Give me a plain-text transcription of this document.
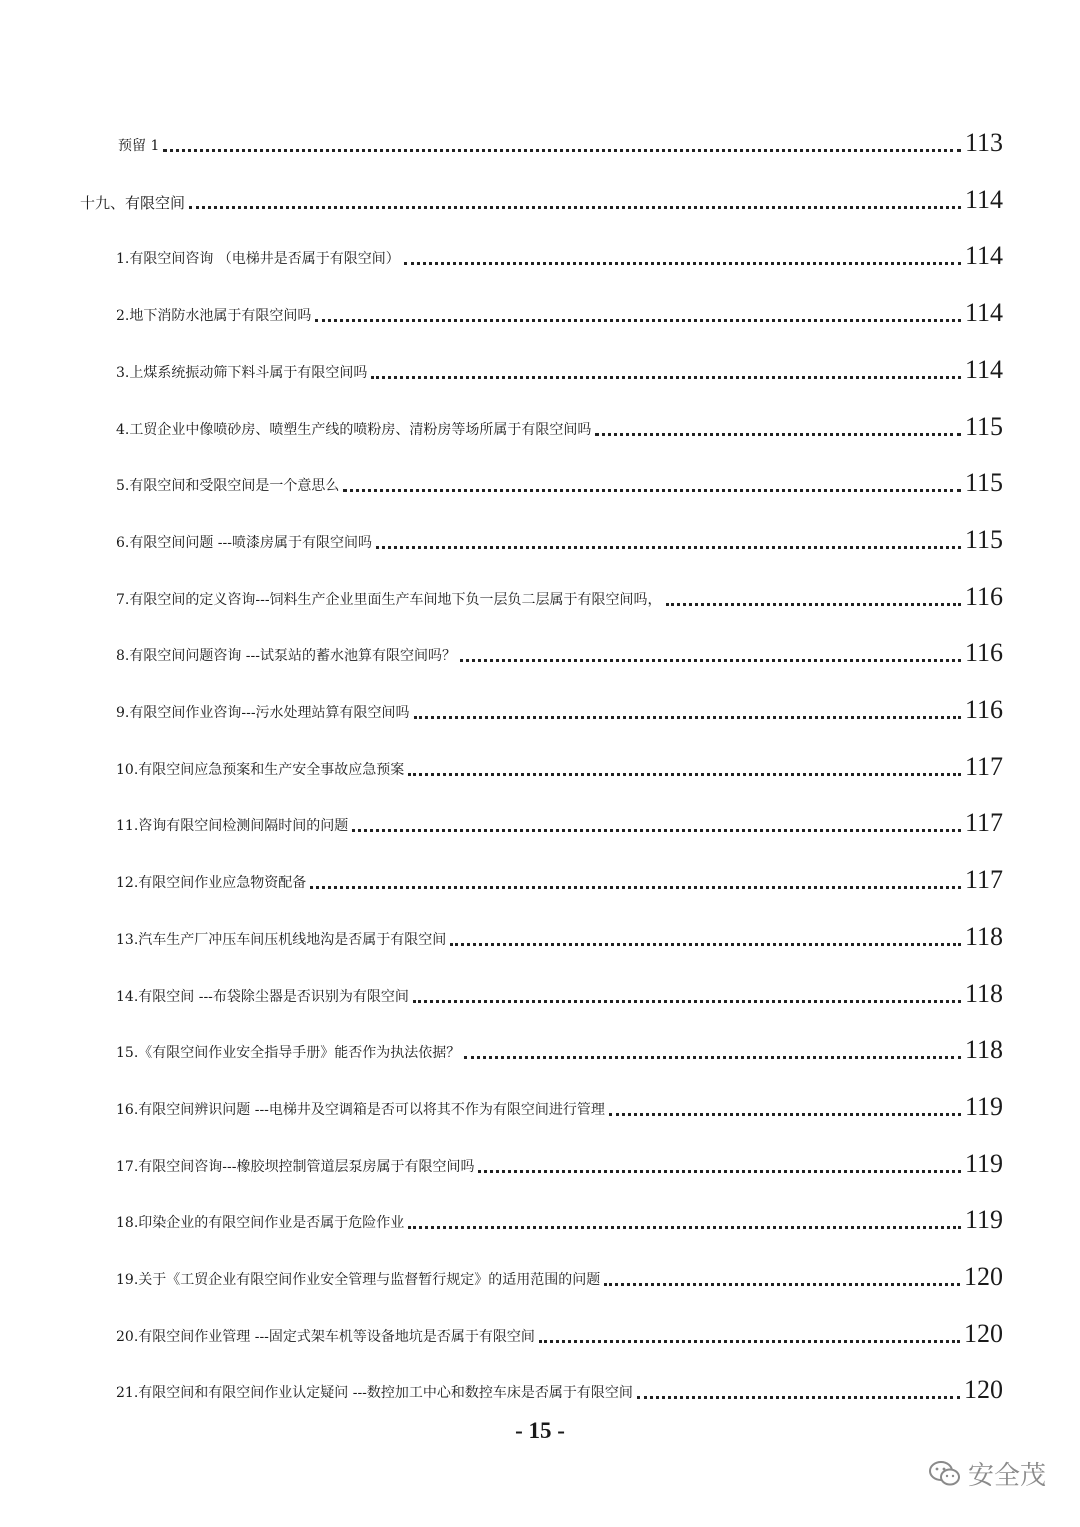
预留 1	113
十九、有限空间	114
1.有限空间咨询 （电梯井是否属于有限空间）	114
2.地下消防水池属于有限空间吗	114
3.上煤系统振动筛下料斗属于有限空间吗	114
4.工贸企业中像喷砂房、喷塑生产线的喷粉房、清粉房等场所属于有限空间吗	115
5.有限空间和受限空间是一个意思么	115
6.有限空间问题 ---喷漆房属于有限空间吗	115
7.有限空间的定义咨询---饲料生产企业里面生产车间地下负一层负二层属于有限空间吗，	116
8.有限空间问题咨询 ---试泵站的蓄水池算有限空间吗？	116
9.有限空间作业咨询---污水处理站算有限空间吗	116
10.有限空间应急预案和生产安全事故应急预案	117
11.咨询有限空间检测间隔时间的问题	117
12.有限空间作业应急物资配备	117
13.汽车生产厂冲压车间压机线地沟是否属于有限空间	118
14.有限空间 ---布袋除尘器是否识别为有限空间	118
15.《有限空间作业安全指导手册》能否作为执法依据？	118
16.有限空间辨识问题 ---电梯井及空调箱是否可以将其不作为有限空间进行管理	119
17.有限空间咨询---橡胶坝控制管道层泵房属于有限空间吗	119
18.印染企业的有限空间作业是否属于危险作业	119
19.关于《工贸企业有限空间作业安全管理与监督暂行规定》的适用范围的问题	120
20.有限空间作业管理 ---固定式架车机等设备地坑是否属于有限空间	120
21.有限空间和有限空间作业认定疑问 ---数控加工中心和数控车床是否属于有限空间	120
- 15 -
安全茂
